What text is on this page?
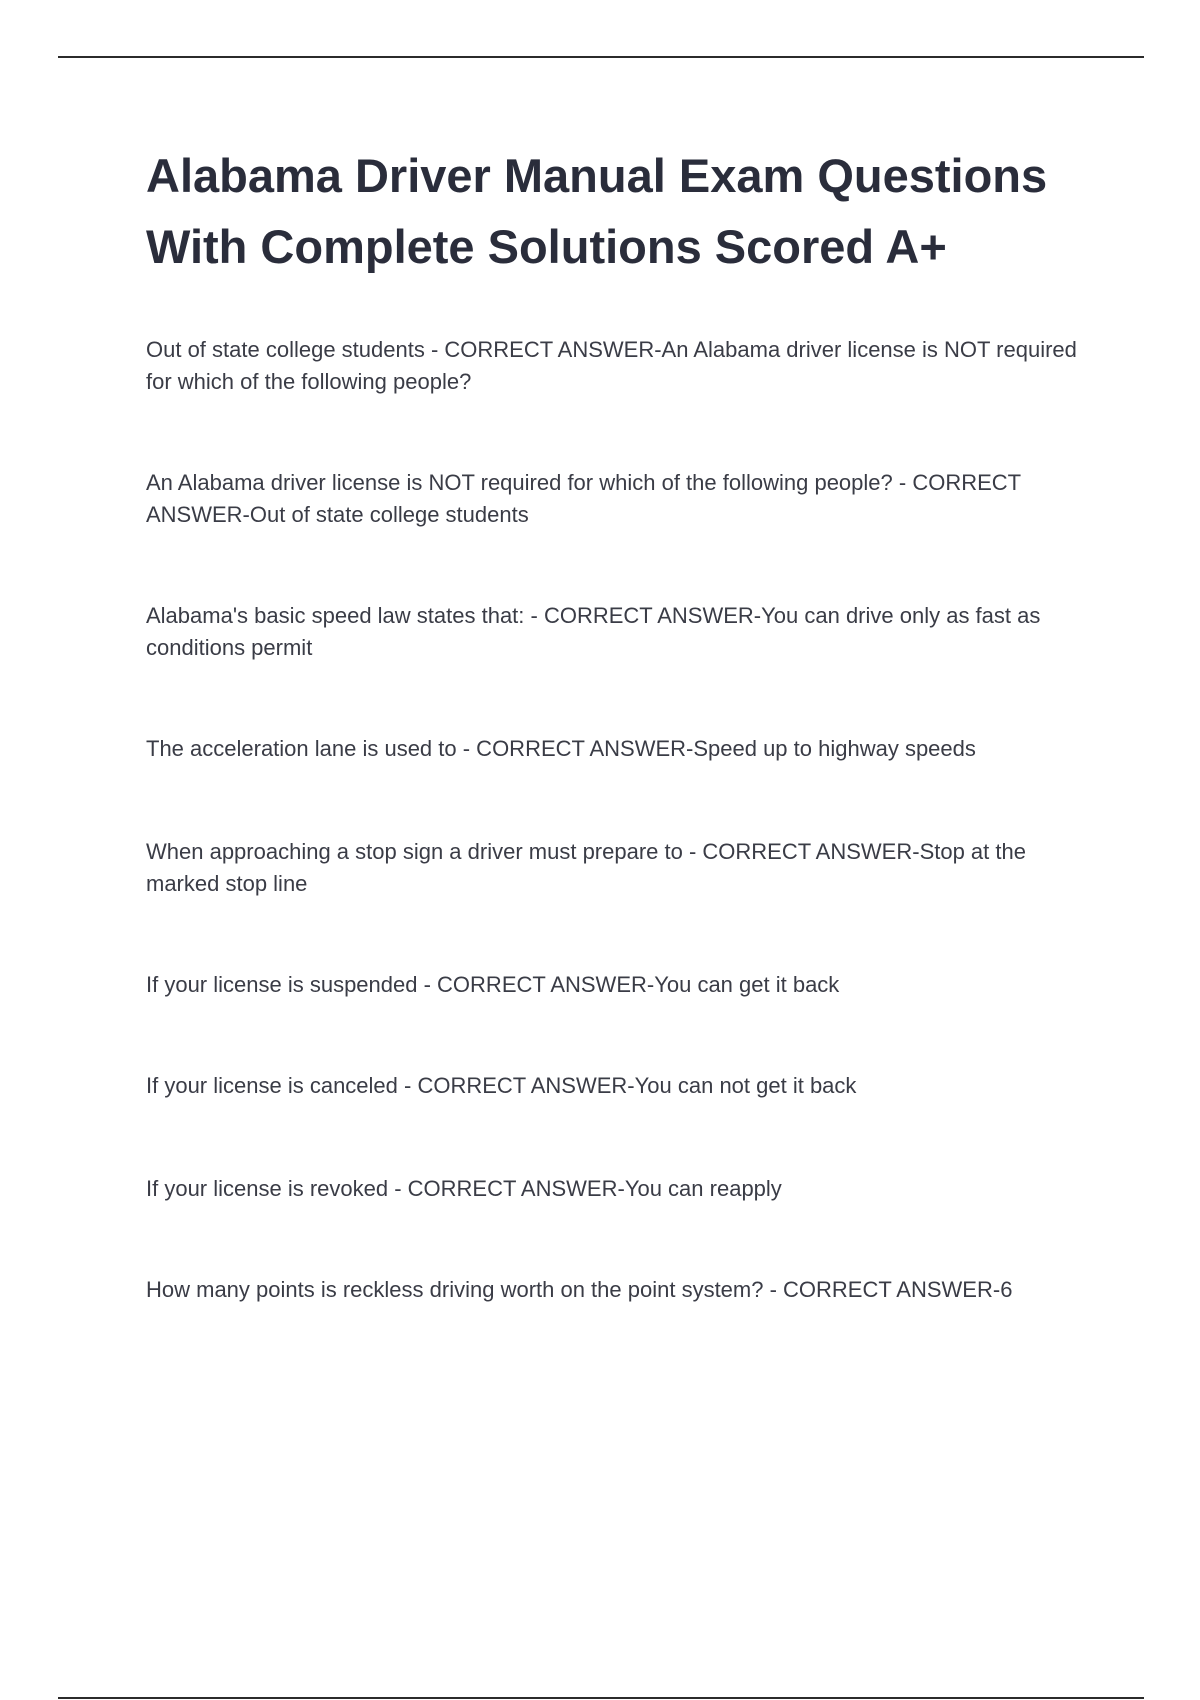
Alabama Driver Manual Exam Questions With Complete Solutions Scored A+
Out of state college students - CORRECT ANSWER-An Alabama driver license is NOT required for which of the following people?
An Alabama driver license is NOT required for which of the following people? - CORRECT ANSWER-Out of state college students
Alabama's basic speed law states that: - CORRECT ANSWER-You can drive only as fast as conditions permit
The acceleration lane is used to - CORRECT ANSWER-Speed up to highway speeds
When approaching a stop sign a driver must prepare to - CORRECT ANSWER-Stop at the marked stop line
If your license is suspended - CORRECT ANSWER-You can get it back
If your license is canceled - CORRECT ANSWER-You can not get it back
If your license is revoked - CORRECT ANSWER-You can reapply
How many points is reckless driving worth on the point system? - CORRECT ANSWER-6
